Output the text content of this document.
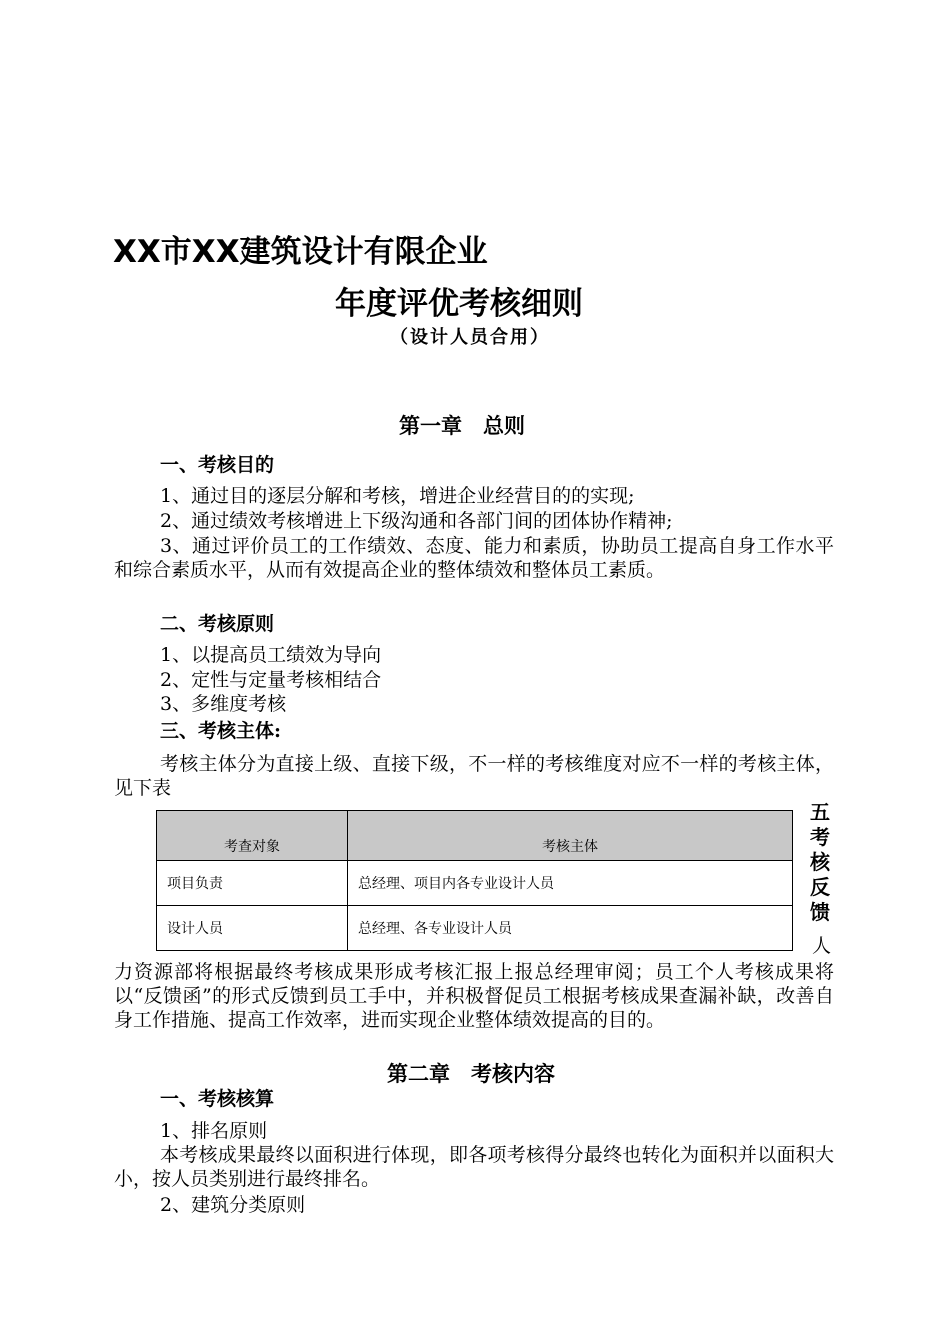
XX市XX建筑设计有限企业
年度评优考核细则
（设计人员合用）
第一章　总则
一、考核目的
1、通过目的逐层分解和考核，增进企业经营目的的实现;
2、通过绩效考核增进上下级沟通和各部门间的团体协作精神;
3、通过评价员工的工作绩效、态度、能力和素质，协助员工提高自身工作水平和综合素质水平，从而有效提高企业的整体绩效和整体员工素质。
二、考核原则
1、以提高员工绩效为导向
2、定性与定量考核相结合
3、多维度考核
三、考核主体:
考核主体分为直接上级、直接下级，不一样的考核维度对应不一样的考核主体，见下表
考查对象	考核主体
项目负责	总经理、项目内各专业设计人员
设计人员	总经理、各专业设计人员
五
考
核
反
馈
人
力资源部将根据最终考核成果形成考核汇报上报总经理审阅；员工个人考核成果将以“反馈函”的形式反馈到员工手中，并积极督促员工根据考核成果查漏补缺，改善自身工作措施、提高工作效率，进而实现企业整体绩效提高的目的。
第二章　考核内容
一、考核核算
1、排名原则
本考核成果最终以面积进行体现，即各项考核得分最终也转化为面积并以面积大小，按人员类别进行最终排名。
2、建筑分类原则
